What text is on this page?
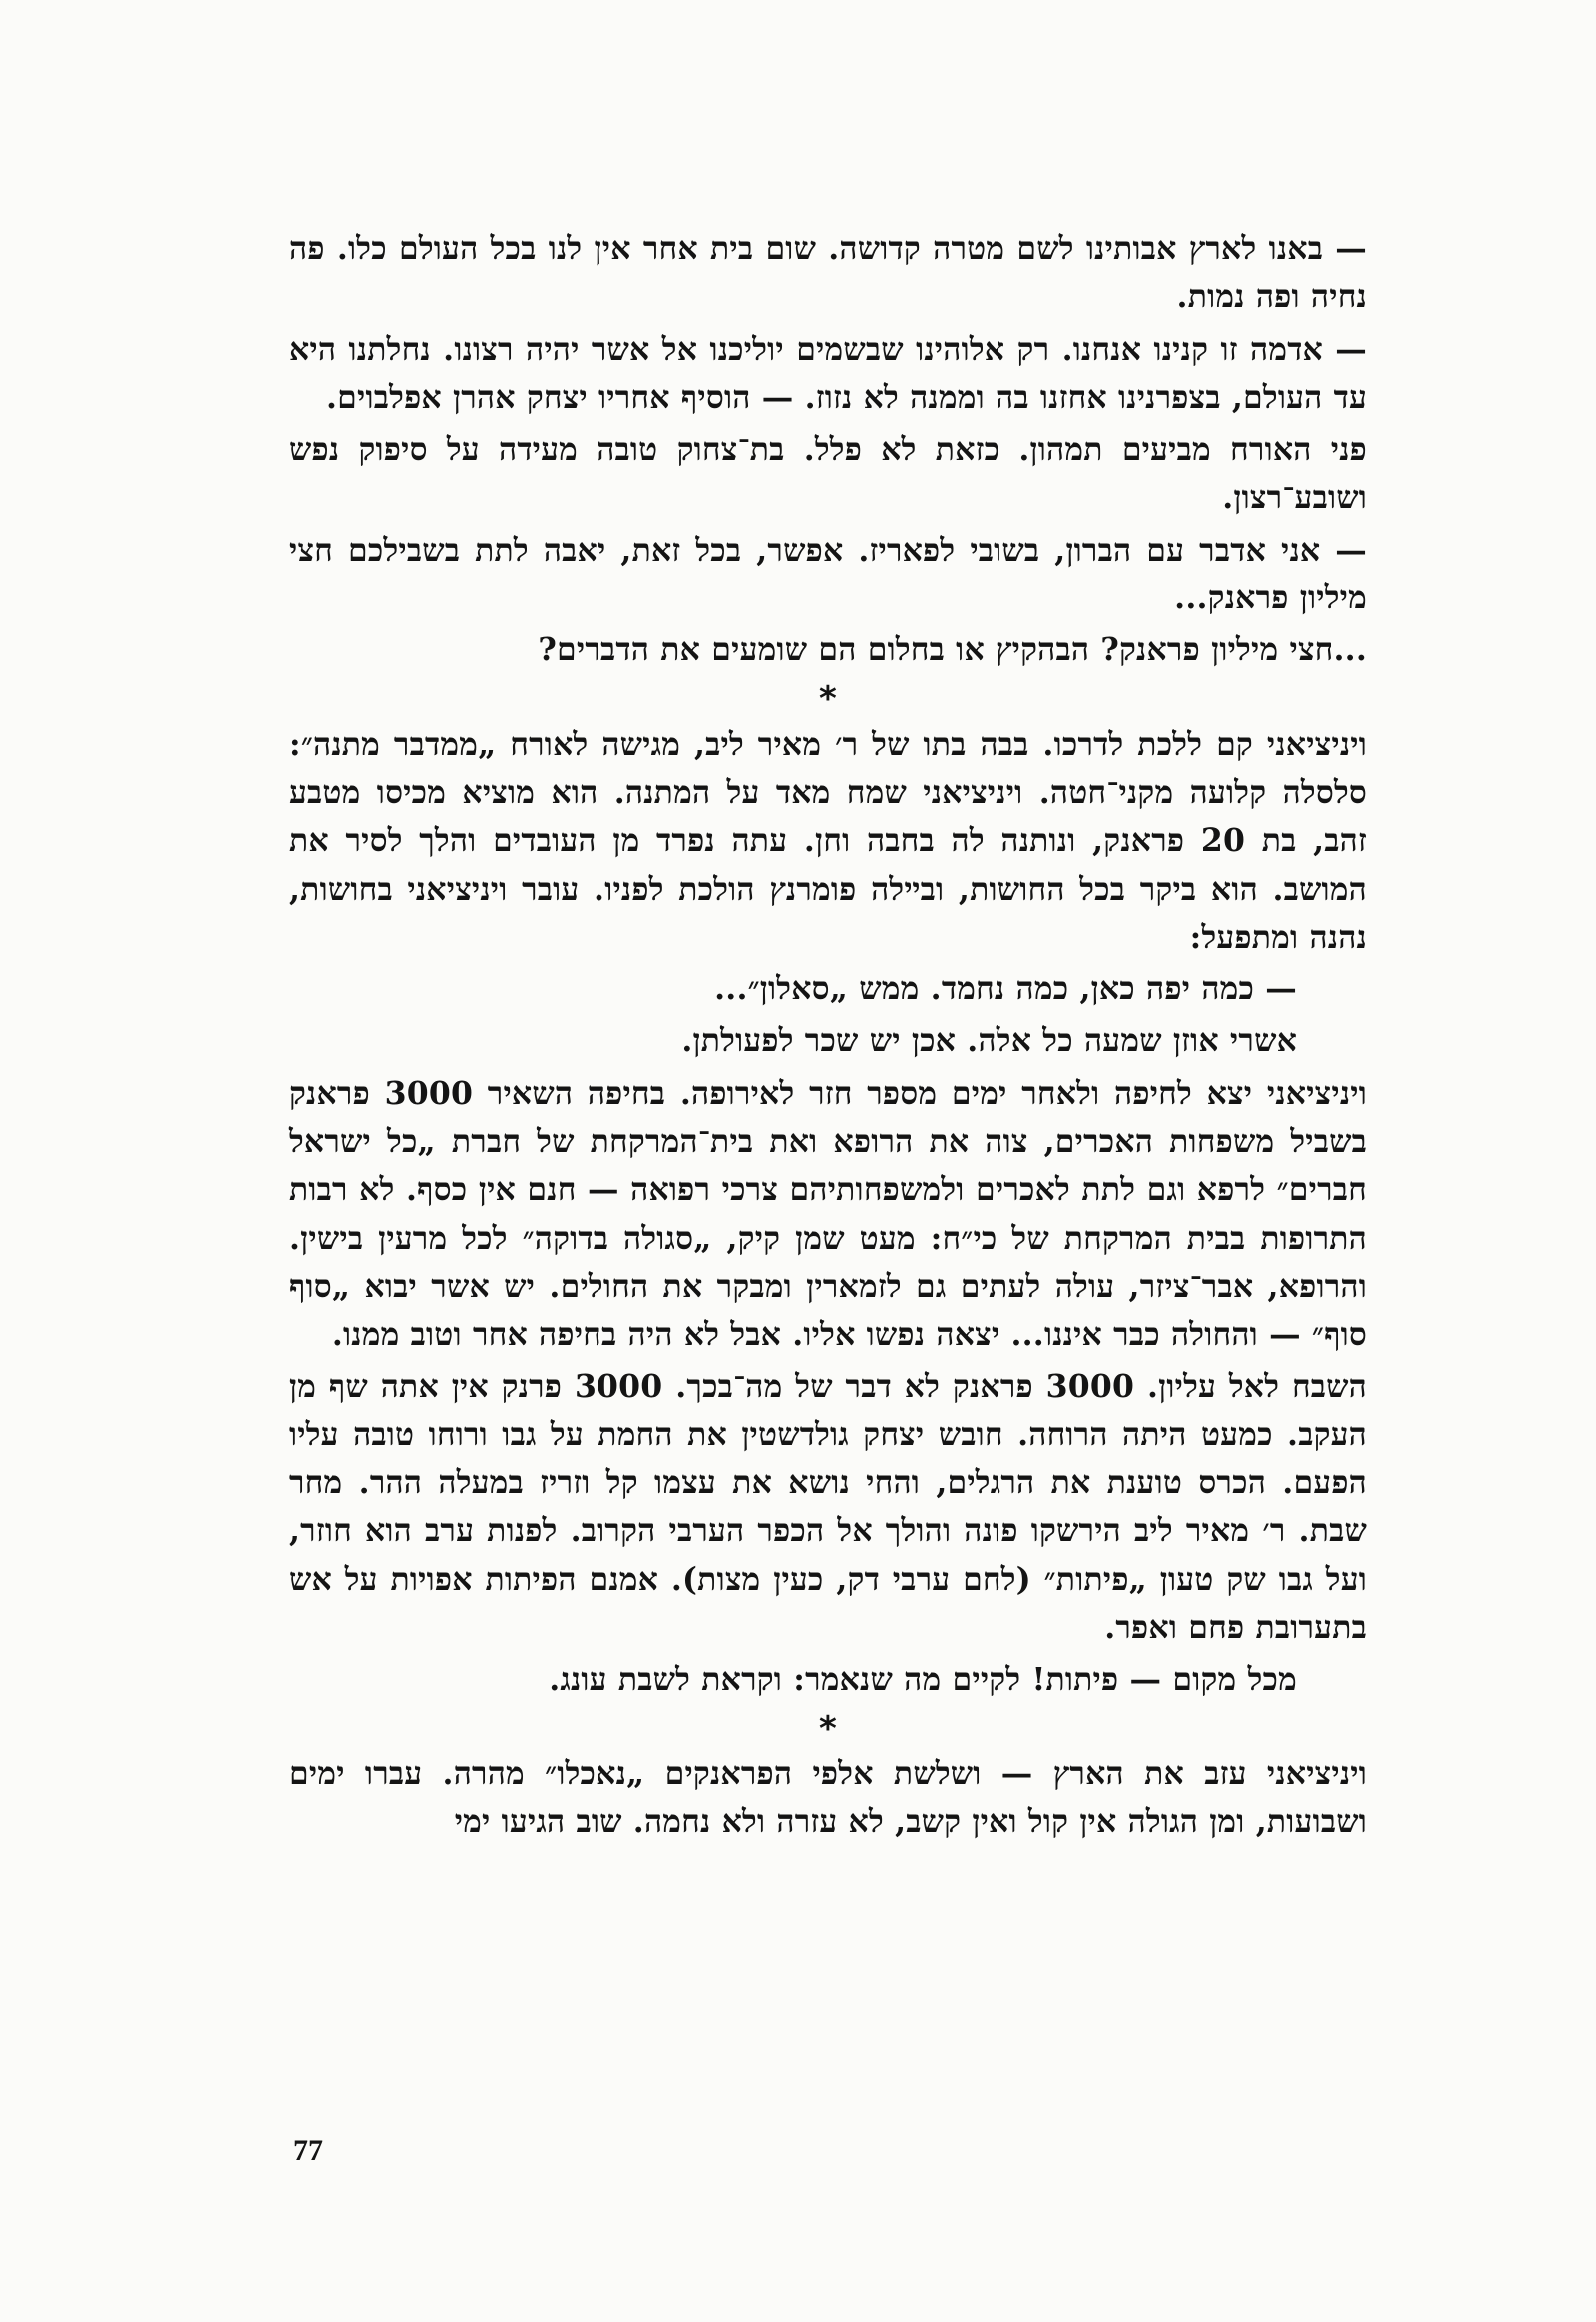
— באנו לארץ אבותינו לשם מטרה קדושה. שום בית אחר אין לנו בכל העולם כלו. פה נחיה ופה נמות.

— אדמה זו קנינו אנחנו. רק אלוהינו שבשמים יוליכנו אל אשר יהיה רצונו. נחלתנו היא עד העולם, בצפרנינו אחזנו בה וממנה לא נזוז. — הוסיף אחריו יצחק אהרן אפלבוים.

פני האורח מביעים תמהון. כזאת לא פלל. בת־צחוק טובה מעידה על סיפוק נפש ושובע־רצון.

— אני אדבר עם הברון, בשובי לפאריז. אפשר, בכל זאת, יאבה לתת בשבילכם חצי מיליון פראנק...

...חצי מיליון פראנק? הבהקיץ או בחלום הם שומעים את הדברים?

*

ויניציאני קם ללכת לדרכו. בבה בתו של ר׳ מאיר ליב, מגישה לאורח „ממדבר מתנה״: סלסלה קלועה מקני־חטה. ויניציאני שמח מאד על המתנה. הוא מוציא מכיסו מטבע זהב, בת 20 פראנק, ונותנה לה בחבה וחן. עתה נפרד מן העובדים והלך לסיר את המושב. הוא ביקר בכל החושות, ובײלה פומרנץ הולכת לפניו. עובר ויניציאני בחושות, נהנה ומתפעל:

— כמה יפה כאן, כמה נחמד. ממש „סאלון״...

אשרי אוזן שמעה כל אלה. אכן יש שכר לפעולתן.

ויניציאני יצא לחיפה ולאחר ימים מספר חזר לאירופה. בחיפה השאיר 3000 פראנק בשביל משפחות האכרים, צוה את הרופא ואת בית־המרקחת של חברת „כל ישראל חברים״ לרפא וגם לתת לאכרים ולמשפחותיהם צרכי רפואה — חנם אין כסף. לא רבות התרופות בבית המרקחת של כי״ח: מעט שמן קיק, „סגולה בדוקה״ לכל מרעין בישין. והרופא, אבר־ציזר, עולה לעתים גם לזמארין ומבקר את החולים. יש אשר יבוא „סוף סוף״ — והחולה כבר איננו... יצאה נפשו אליו. אבל לא היה בחיפה אחר וטוב ממנו.

השבח לאל עליון. 3000 פראנק לא דבר של מה־בכך. 3000 פרנק אין אתה שף מן העקב. כמעט היתה הרוחה. חובש יצחק גולדשטין את החמת על גבו ורוחו טובה עליו הפעם. הכרס טוענת את הרגלים, והחי נושא את עצמו קל וזריז במעלה ההר. מחר שבת. ר׳ מאיר ליב הירשקו פונה והולך אל הכפר הערבי הקרוב. לפנות ערב הוא חוזר, ועל גבו שק טעון „פיתות״ (לחם ערבי דק, כעין מצות). אמנם הפיתות אפויות על אש בתערובת פחם ואפר.

מכל מקום — פיתות! לקיים מה שנאמר: וקראת לשבת עונג.

*

ויניציאני עזב את הארץ — ושלשת אלפי הפראנקים „נאכלו״ מהרה. עברו ימים ושבועות, ומן הגולה אין קול ואין קשב, לא עזרה ולא נחמה. שוב הגיעו ימי

77
